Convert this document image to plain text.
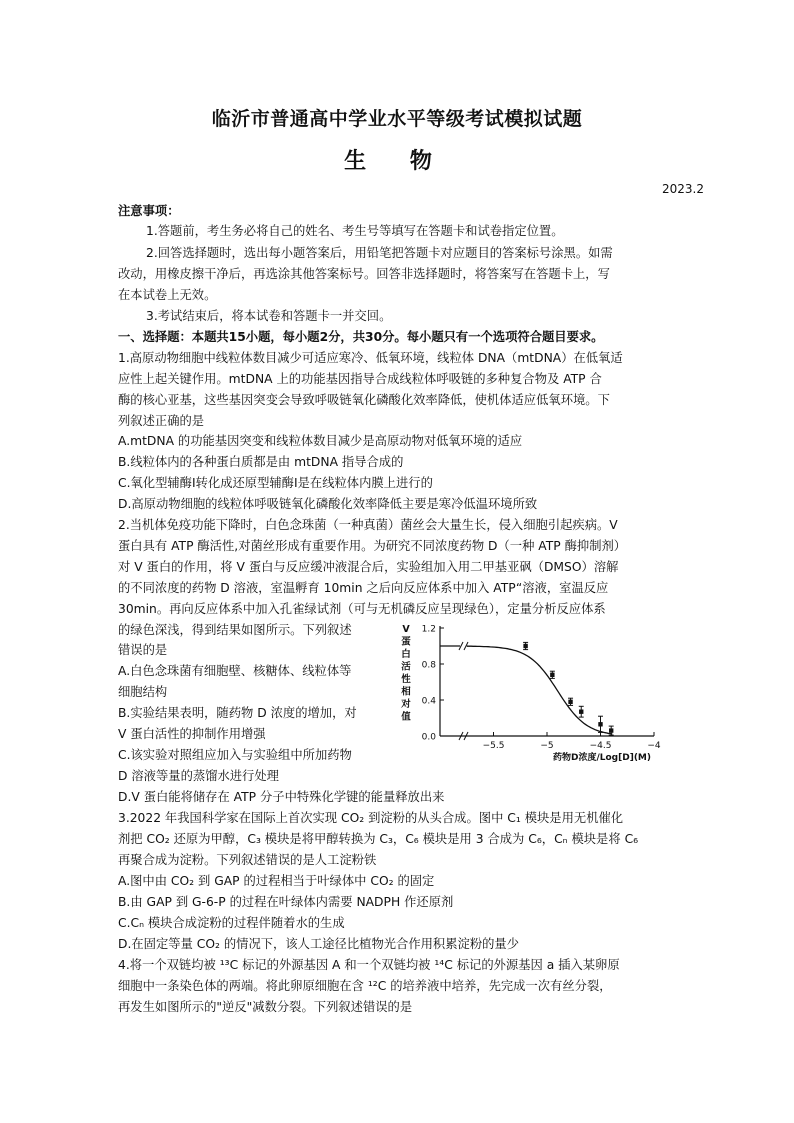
临沂市普通高中学业水平等级考试模拟试题
生 物
2023.2
注意事项：
1.答题前，考生务必将自己的姓名、考生号等填写在答题卡和试卷指定位置。
2.回答选择题时，选出每小题答案后，用铅笔把答题卡对应题目的答案标号涂黑。如需
改动，用橡皮擦干净后，再选涂其他答案标号。回答非选择题时，将答案写在答题卡上，写
在本试卷上无效。
3.考试结束后，将本试卷和答题卡一并交回。
一、选择题：本题共15小题，每小题2分，共30分。每小题只有一个选项符合题目要求。
1.高原动物细胞中线粒体数目减少可适应寒冷、低氧环境，线粒体 DNA（mtDNA）在低氧适
应性上起关键作用。mtDNA 上的功能基因指导合成线粒体呼吸链的多种复合物及 ATP 合
酶的核心亚基，这些基因突变会导致呼吸链氧化磷酸化效率降低，使机体适应低氧环境。下
列叙述正确的是
A.mtDNA 的功能基因突变和线粒体数目减少是高原动物对低氧环境的适应
B.线粒体内的各种蛋白质都是由 mtDNA 指导合成的
C.氧化型辅酶Ⅰ转化成还原型辅酶Ⅰ是在线粒体内膜上进行的
D.高原动物细胞的线粒体呼吸链氧化磷酸化效率降低主要是寒冷低温环境所致
2.当机体免疫功能下降时，白色念珠菌（一种真菌）菌丝会大量生长，侵入细胞引起疾病。V
蛋白具有 ATP 酶活性,对菌丝形成有重要作用。为研究不同浓度药物 D（一种 ATP 酶抑制剂）
对 V 蛋白的作用，将 V 蛋白与反应缓冲液混合后，实验组加入用二甲基亚砜（DMSO）溶解
的不同浓度的药物 D 溶液，室温孵育 10min 之后向反应体系中加入 ATP“溶液，室温反应
30min。再向反应体系中加入孔雀绿试剂（可与无机磷反应呈现绿色），定量分析反应体系
的绿色深浅，得到结果如图所示。下列叙述
错误的是
A.白色念珠菌有细胞壁、核糖体、线粒体等
细胞结构
B.实验结果表明，随药物 D 浓度的增加，对
V 蛋白活性的抑制作用增强
C.该实验对照组应加入与实验组中所加药物
D 溶液等量的蒸馏水进行处理
D.V 蛋白能将储存在 ATP 分子中特殊化学键的能量释放出来
3.2022 年我国科学家在国际上首次实现 CO₂ 到淀粉的从头合成。图中 C₁ 模块是用无机催化
剂把 CO₂ 还原为甲醇，C₃ 模块是将甲醇转换为 C₃，C₆ 模块是用 3 合成为 C₆，Cₙ 模块是将 C₆
再聚合成为淀粉。下列叙述错误的是人工淀粉铁
A.图中由 CO₂ 到 GAP 的过程相当于叶绿体中 CO₂ 的固定
B.由 GAP 到 G-6-P 的过程在叶绿体内需要 NADPH 作还原剂
C.Cₙ 模块合成淀粉的过程伴随着水的生成
D.在固定等量 CO₂ 的情况下，该人工途径比植物光合作用积累淀粉的量少
4.将一个双链均被 ¹³C 标记的外源基因 A 和一个双链均被 ¹⁴C 标记的外源基因 a 插入某卵原
细胞中一条染色体的两端。将此卵原细胞在含 ¹²C 的培养液中培养，先完成一次有丝分裂，
再发生如图所示的"逆反"减数分裂。下列叙述错误的是
0.0
0.4
0.8
1.2
−5.5	−5	−4.5	−4
V
蛋
白
活
性
相
对
值
药物D浓度/Log[D](M)
